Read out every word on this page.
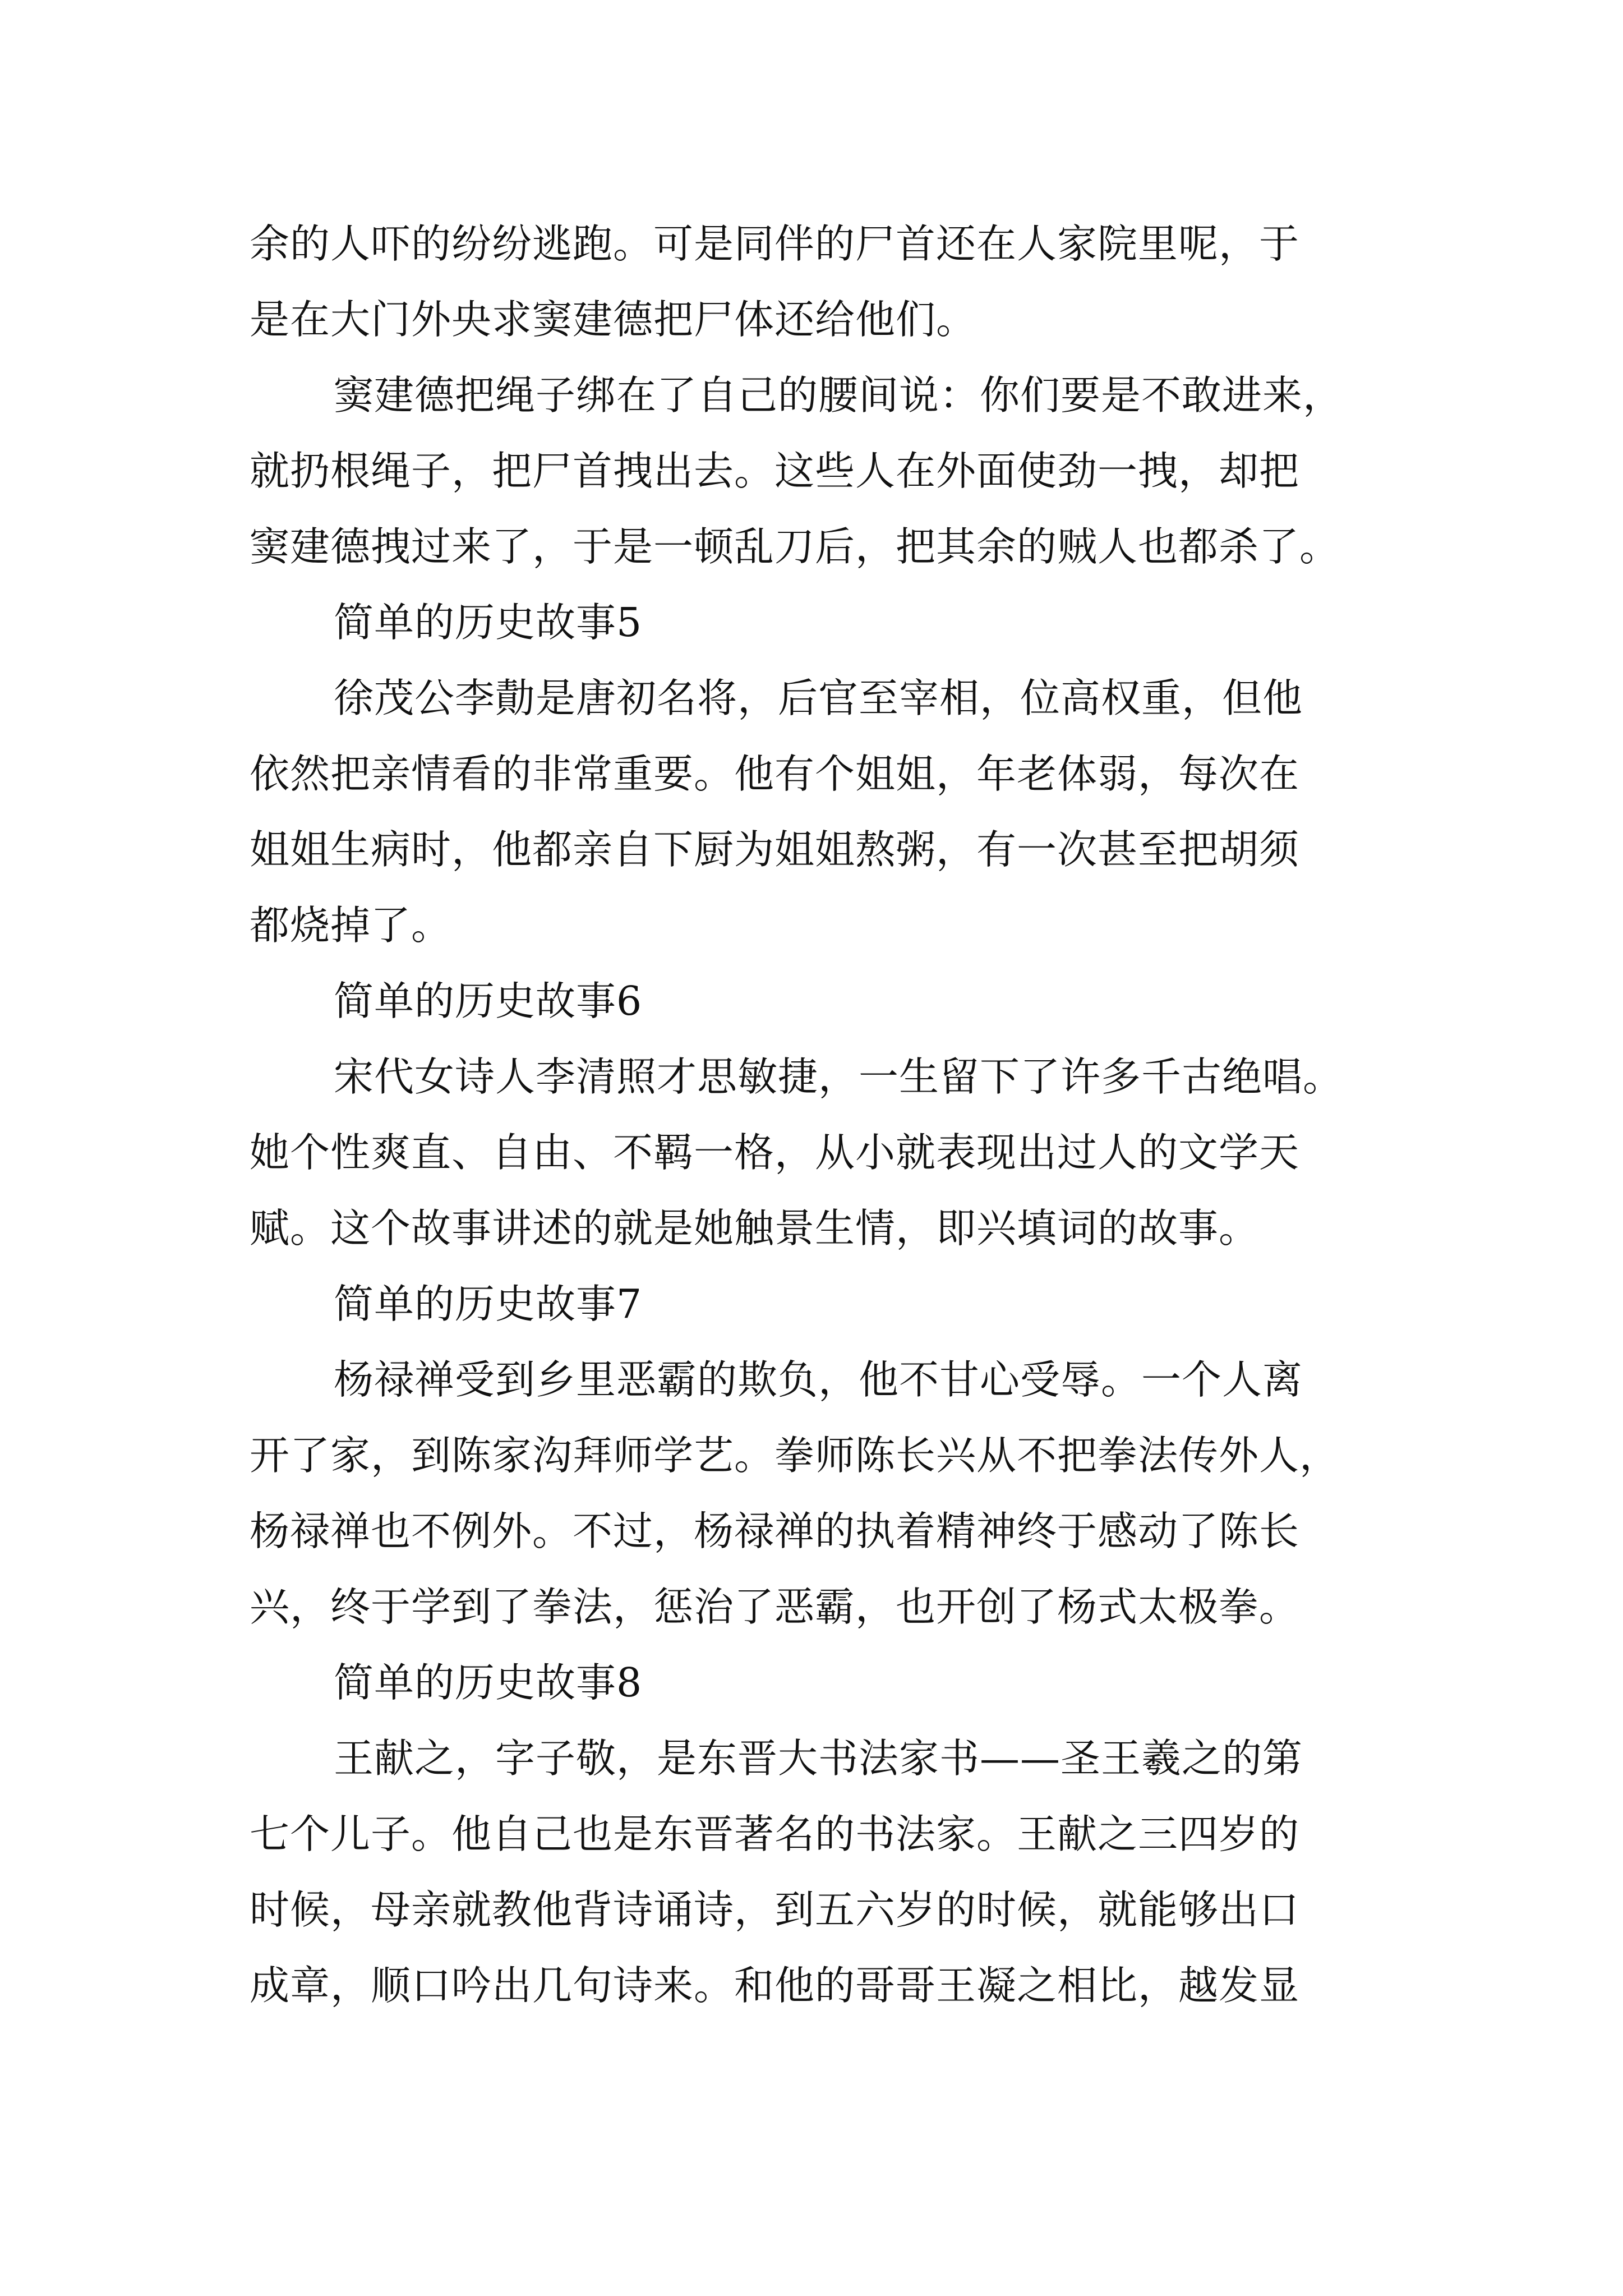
余的人吓的纷纷逃跑。可是同伴的尸首还在人家院里呢，于
是在大门外央求窦建德把尸体还给他们。
窦建德把绳子绑在了自己的腰间说：你们要是不敢进来，
就扔根绳子，把尸首拽出去。这些人在外面使劲一拽，却把
窦建德拽过来了，于是一顿乱刀后，把其余的贼人也都杀了。
简单的历史故事5
徐茂公李勣是唐初名将，后官至宰相，位高权重，但他
依然把亲情看的非常重要。他有个姐姐，年老体弱，每次在
姐姐生病时，他都亲自下厨为姐姐熬粥，有一次甚至把胡须
都烧掉了。
简单的历史故事6
宋代女诗人李清照才思敏捷，一生留下了许多千古绝唱。
她个性爽直、自由、不羁一格，从小就表现出过人的文学天
赋。这个故事讲述的就是她触景生情，即兴填词的故事。
简单的历史故事7
杨禄禅受到乡里恶霸的欺负，他不甘心受辱。一个人离
开了家，到陈家沟拜师学艺。拳师陈长兴从不把拳法传外人，
杨禄禅也不例外。不过，杨禄禅的执着精神终于感动了陈长
兴，终于学到了拳法，惩治了恶霸，也开创了杨式太极拳。
简单的历史故事8
王献之，字子敬，是东晋大书法家书——圣王羲之的第
七个儿子。他自己也是东晋著名的书法家。王献之三四岁的
时候，母亲就教他背诗诵诗，到五六岁的时候，就能够出口
成章，顺口吟出几句诗来。和他的哥哥王凝之相比，越发显
